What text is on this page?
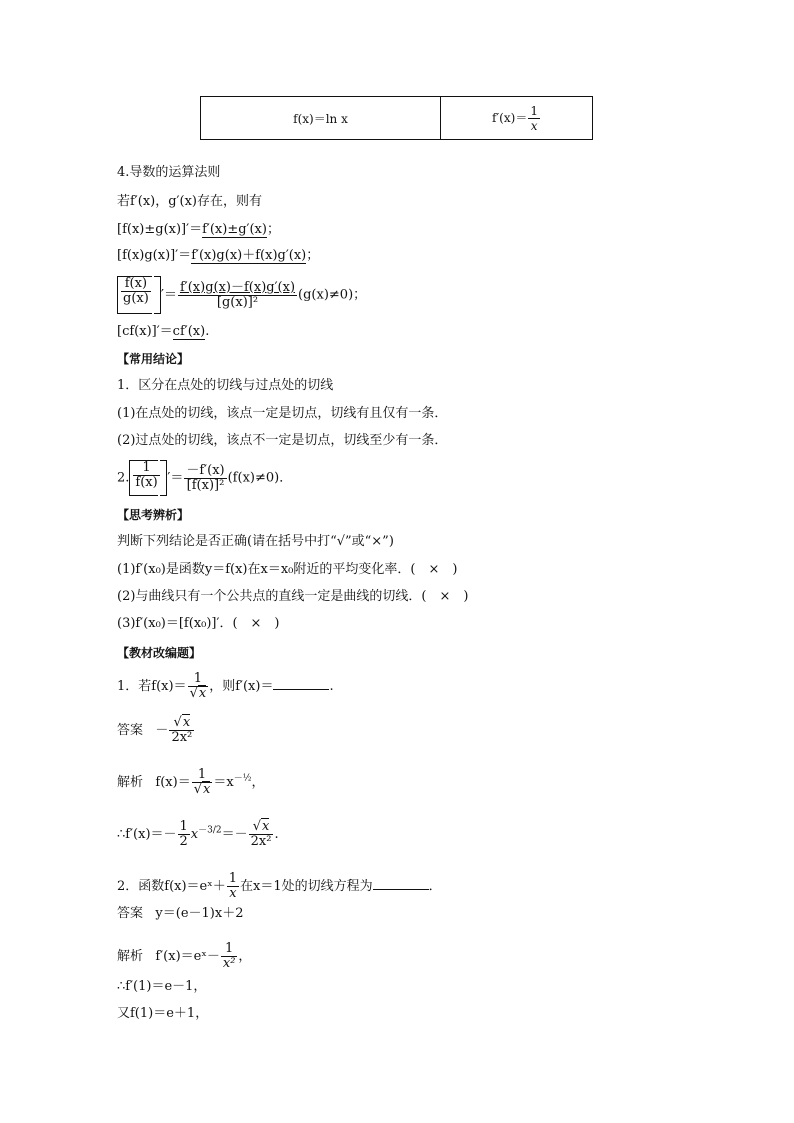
f(x)＝ln x	$f'(x)= \frac{1}{x}$
4.导数的运算法则
若f′(x)，g′(x)存在，则有
[f(x)±g(x)]′＝f′(x)±g′(x)；
[f(x)g(x)]′＝f′(x)g(x)＋f(x)g′(x)；
$\frac{f(x)}{g(x)}$ ′＝ $\frac{f'(x)g(x)-f(x)g'(x)}{\text{[g(x)]²}} (g(x)\ne 0)$；
[cf(x)]′＝cf′(x).
【常用结论】
1．区分在点处的切线与过点处的切线
(1)在点处的切线，该点一定是切点，切线有且仅有一条．
(2)过点处的切线，该点不一定是切点，切线至少有一条．
2. $\frac{1}{f(x)}$ ′＝ $\frac{-f'(x)}{\text{[f(x)]²}} (f(x)\ne 0)$．
【思考辨析】
判断下列结论是否正确(请在括号中打“√”或“×”)
(1)f′(x₀)是函数y＝f(x)在x＝x₀附近的平均变化率．(　×　)
(2)与曲线只有一个公共点的直线一定是曲线的切线．(　×　)
(3)f′(x₀)＝[f(x₀)]′．(　×　)
【教材改编题】
1．若$f(x)= \frac{1}{√x}$ ，则f′(x)＝	.
答案 － $\frac{√x}{\text{2x²}}$
解析 $f(x)= \frac{1}{√x} =x^{-\frac{1}{2}}$，
∴f′(x)＝－ $\frac{1}{2} x^{-3/2}=- \frac{√x}{\text{2x²}}$ .
2．函数f(x)＝eˣ＋ $\frac{1}{x}$ 在x＝1处的切线方程为	．
答案 y＝(e－1)x＋2
解析 f′(x)＝eˣ－ $\frac{1}{\text{x²}}$ ，
∴f′(1)＝e－1，
又f(1)＝e＋1，
